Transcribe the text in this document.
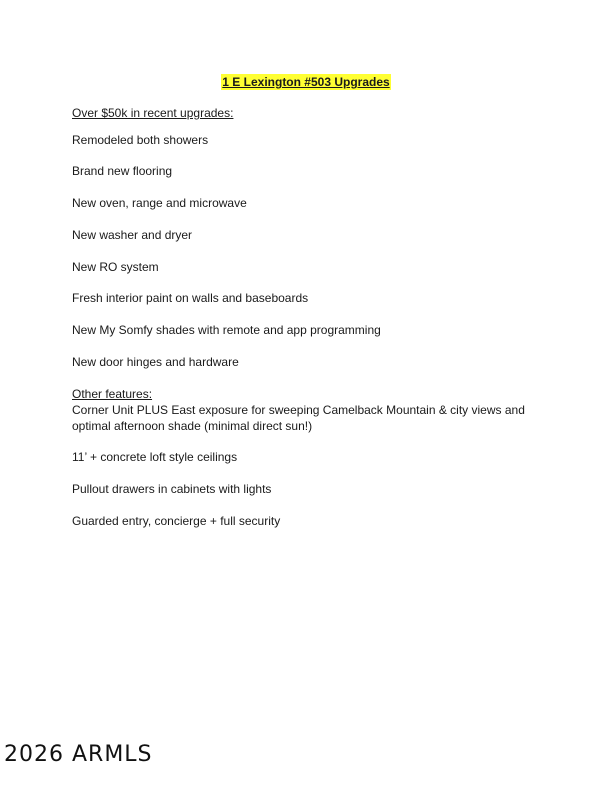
1 E Lexington #503 Upgrades
Over $50k in recent upgrades:
Remodeled both showers
Brand new flooring
New oven, range and microwave
New washer and dryer
New RO system
Fresh interior paint on walls and baseboards
New My Somfy shades with remote and app programming
New door hinges and hardware
Other features:
Corner Unit PLUS East exposure for sweeping Camelback Mountain & city views and optimal afternoon shade (minimal direct sun!)
11’ + concrete loft style ceilings
Pullout drawers in cabinets with lights
Guarded entry, concierge + full security
2026 ARMLS
